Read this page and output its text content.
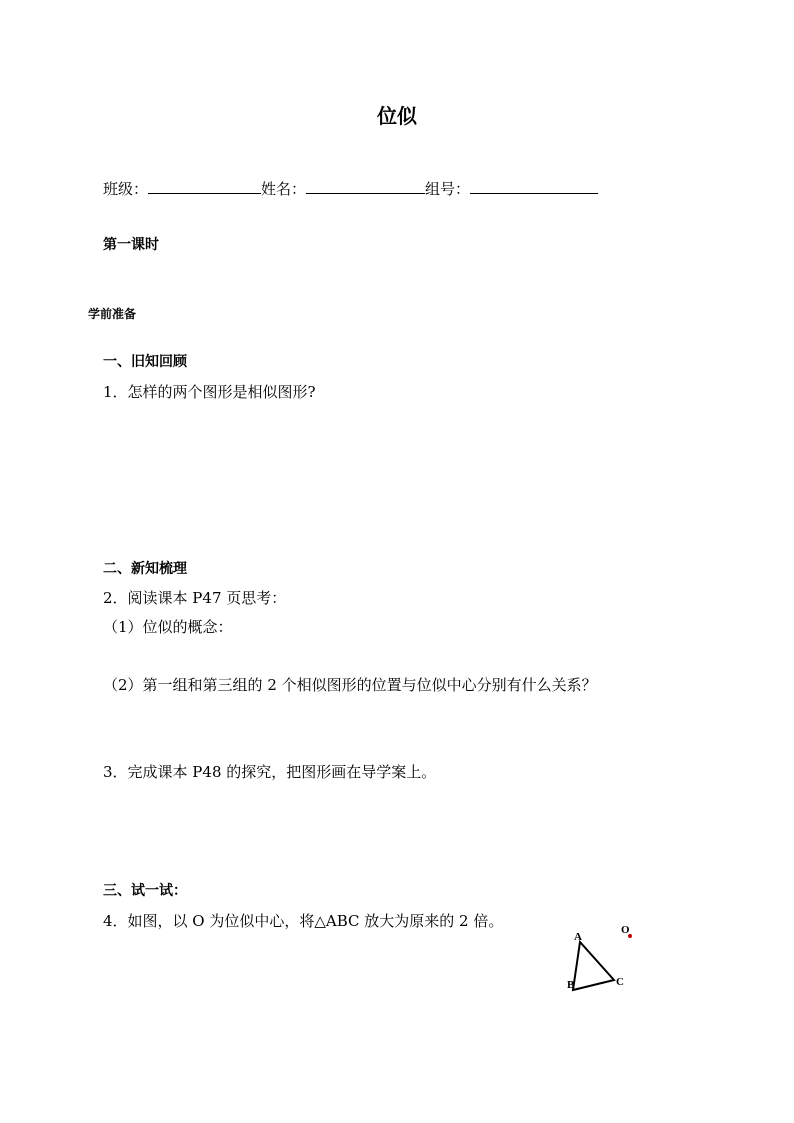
位似
班级：	姓名：	组号：
第一课时
学前准备
一、旧知回顾
1．怎样的两个图形是相似图形?
二、新知梳理
2．阅读课本 P47 页思考：
（1）位似的概念：
（2）第一组和第三组的 2 个相似图形的位置与位似中心分别有什么关系？
3．完成课本 P48 的探究，把图形画在导学案上。
三、试一试：
4．如图，以 O 为位似中心，将△ABC 放大为原来的 2 倍。
A
B	C
O
